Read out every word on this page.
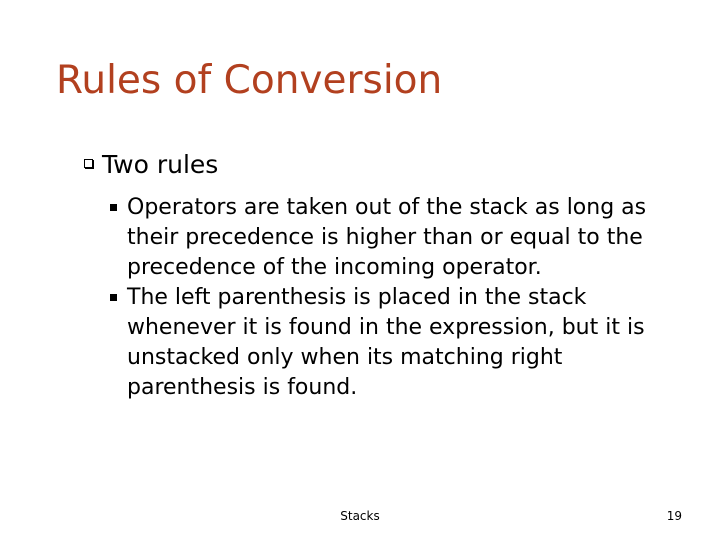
Rules of Conversion
Two rules
Operators are taken out of the stack as long as their precedence is higher than or equal to the precedence of the incoming operator.
The left parenthesis is placed in the stack whenever it is found in the expression, but it is unstacked only when its matching right parenthesis is found.
Stacks	19
